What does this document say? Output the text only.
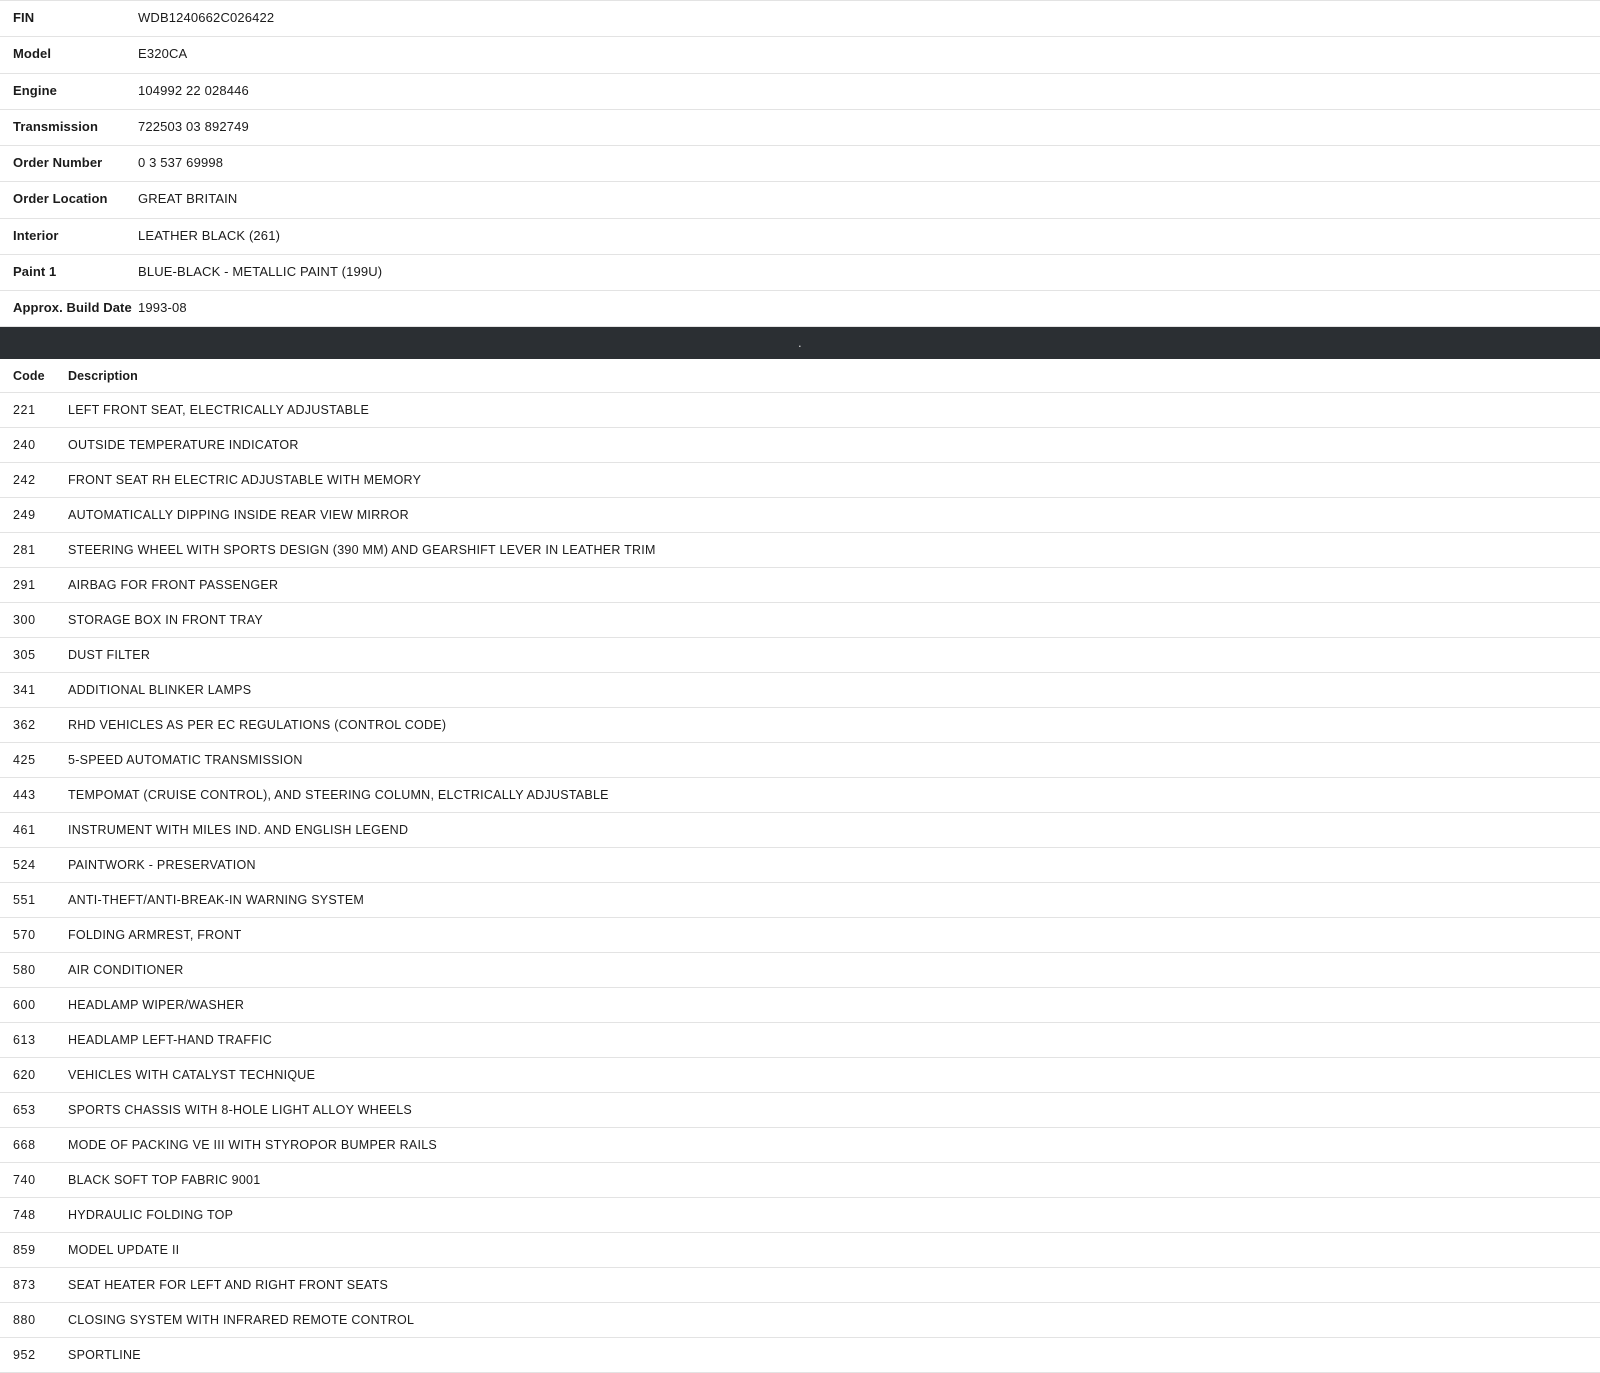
FIN	WDB1240662C026422
Model	E320CA
Engine	104992 22 028446
Transmission	722503 03 892749
Order Number	0 3 537 69998
Order Location	GREAT BRITAIN
Interior	LEATHER BLACK (261)
Paint 1	BLUE-BLACK - METALLIC PAINT (199U)
Approx. Build Date	1993-08
.
Code	Description
221	LEFT FRONT SEAT, ELECTRICALLY ADJUSTABLE
240	OUTSIDE TEMPERATURE INDICATOR
242	FRONT SEAT RH ELECTRIC ADJUSTABLE WITH MEMORY
249	AUTOMATICALLY DIPPING INSIDE REAR VIEW MIRROR
281	STEERING WHEEL WITH SPORTS DESIGN (390 MM) AND GEARSHIFT LEVER IN LEATHER TRIM
291	AIRBAG FOR FRONT PASSENGER
300	STORAGE BOX IN FRONT TRAY
305	DUST FILTER
341	ADDITIONAL BLINKER LAMPS
362	RHD VEHICLES AS PER EC REGULATIONS (CONTROL CODE)
425	5-SPEED AUTOMATIC TRANSMISSION
443	TEMPOMAT (CRUISE CONTROL), AND STEERING COLUMN, ELCTRICALLY ADJUSTABLE
461	INSTRUMENT WITH MILES IND. AND ENGLISH LEGEND
524	PAINTWORK - PRESERVATION
551	ANTI-THEFT/ANTI-BREAK-IN WARNING SYSTEM
570	FOLDING ARMREST, FRONT
580	AIR CONDITIONER
600	HEADLAMP WIPER/WASHER
613	HEADLAMP LEFT-HAND TRAFFIC
620	VEHICLES WITH CATALYST TECHNIQUE
653	SPORTS CHASSIS WITH 8-HOLE LIGHT ALLOY WHEELS
668	MODE OF PACKING VE III WITH STYROPOR BUMPER RAILS
740	BLACK SOFT TOP FABRIC 9001
748	HYDRAULIC FOLDING TOP
859	MODEL UPDATE II
873	SEAT HEATER FOR LEFT AND RIGHT FRONT SEATS
880	CLOSING SYSTEM WITH INFRARED REMOTE CONTROL
952	SPORTLINE
